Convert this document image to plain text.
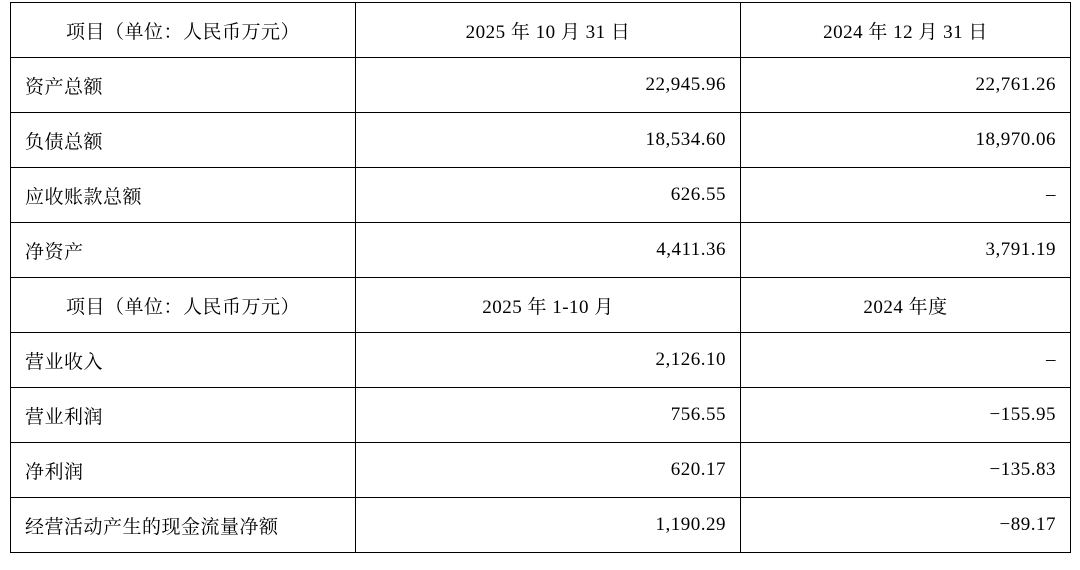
项目（单位：人民币万元）	2025 年 10 月 31 日	2024 年 12 月 31 日
资产总额	22,945.96	22,761.26
负债总额	18,534.60	18,970.06
应收账款总额	626.55	–
净资产	4,411.36	3,791.19
项目（单位：人民币万元）	2025 年 1-10 月	2024 年度
营业收入	2,126.10	–
营业利润	756.55	−155.95
净利润	620.17	−135.83
经营活动产生的现金流量净额	1,190.29	−89.17
